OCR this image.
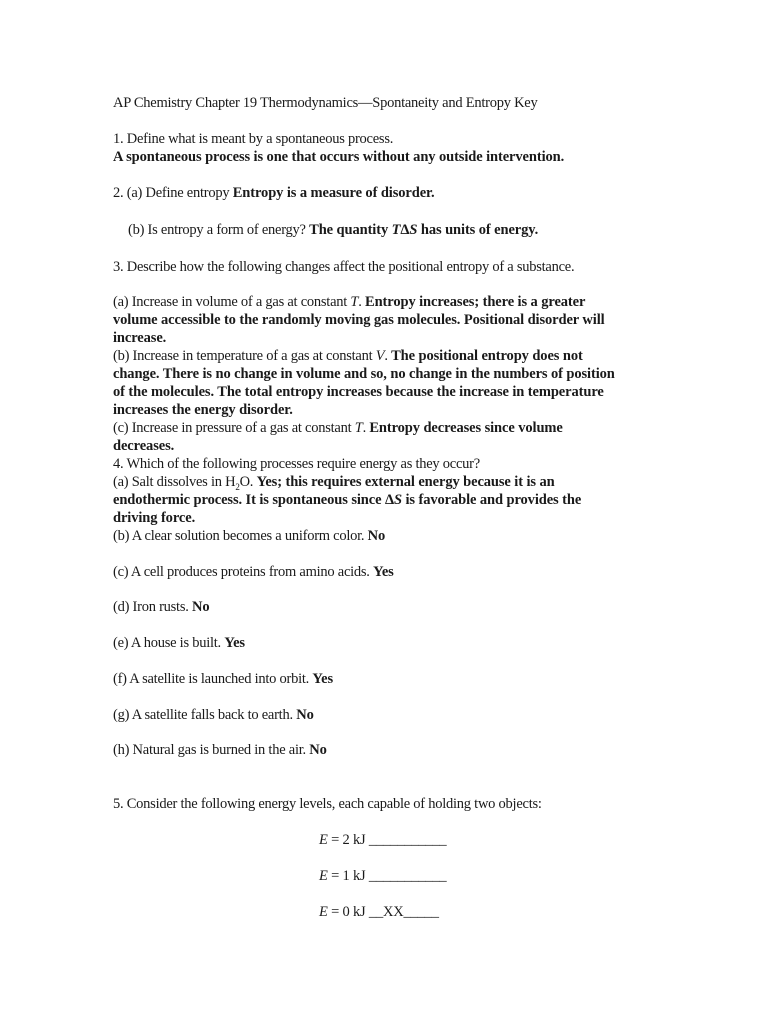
AP Chemistry Chapter 19 Thermodynamics—Spontaneity and Entropy Key
1. Define what is meant by a spontaneous process.
A spontaneous process is one that occurs without any outside intervention.
2. (a) Define entropy Entropy is a measure of disorder.
(b) Is entropy a form of energy? The quantity TΔS has units of energy.
3. Describe how the following changes affect the positional entropy of a substance.
(a) Increase in volume of a gas at constant T. Entropy increases; there is a greater
volume accessible to the randomly moving gas molecules. Positional disorder will
increase.
(b) Increase in temperature of a gas at constant V. The positional entropy does not
change. There is no change in volume and so, no change in the numbers of position
of the molecules. The total entropy increases because the increase in temperature
increases the energy disorder.
(c) Increase in pressure of a gas at constant T. Entropy decreases since volume
decreases.
4. Which of the following processes require energy as they occur?
(a) Salt dissolves in $H_2O$. Yes; this requires external energy because it is an
endothermic process. It is spontaneous since ΔS is favorable and provides the
driving force.
(b) A clear solution becomes a uniform color. No
(c) A cell produces proteins from amino acids. Yes
(d) Iron rusts. No
(e) A house is built. Yes
(f) A satellite is launched into orbit. Yes
(g) A satellite falls back to earth. No
(h) Natural gas is burned in the air. No
5. Consider the following energy levels, each capable of holding two objects:
E = 2 kJ ___________
E = 1 kJ ___________
E = 0 kJ __XX_____
